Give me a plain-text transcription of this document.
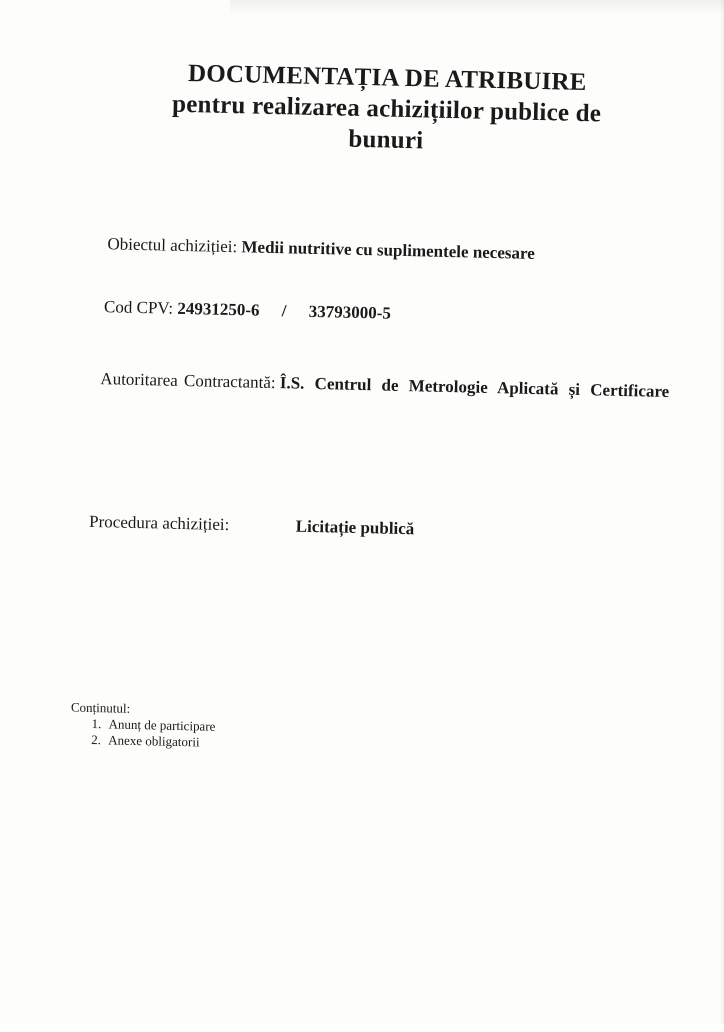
DOCUMENTAȚIA DE ATRIBUIRE
pentru realizarea achizițiilor publice de
bunuri
Obiectul achiziției: Medii nutritive cu suplimentele necesare
Cod CPV: 24931250-6 / 33793000-5
Autoritarea Contractantă: Î.S. Centrul de Metrologie Aplicată și Certificare
Procedura achiziției:	Licitație publică
Conținutul:
1. Anunț de participare
2. Anexe obligatorii
